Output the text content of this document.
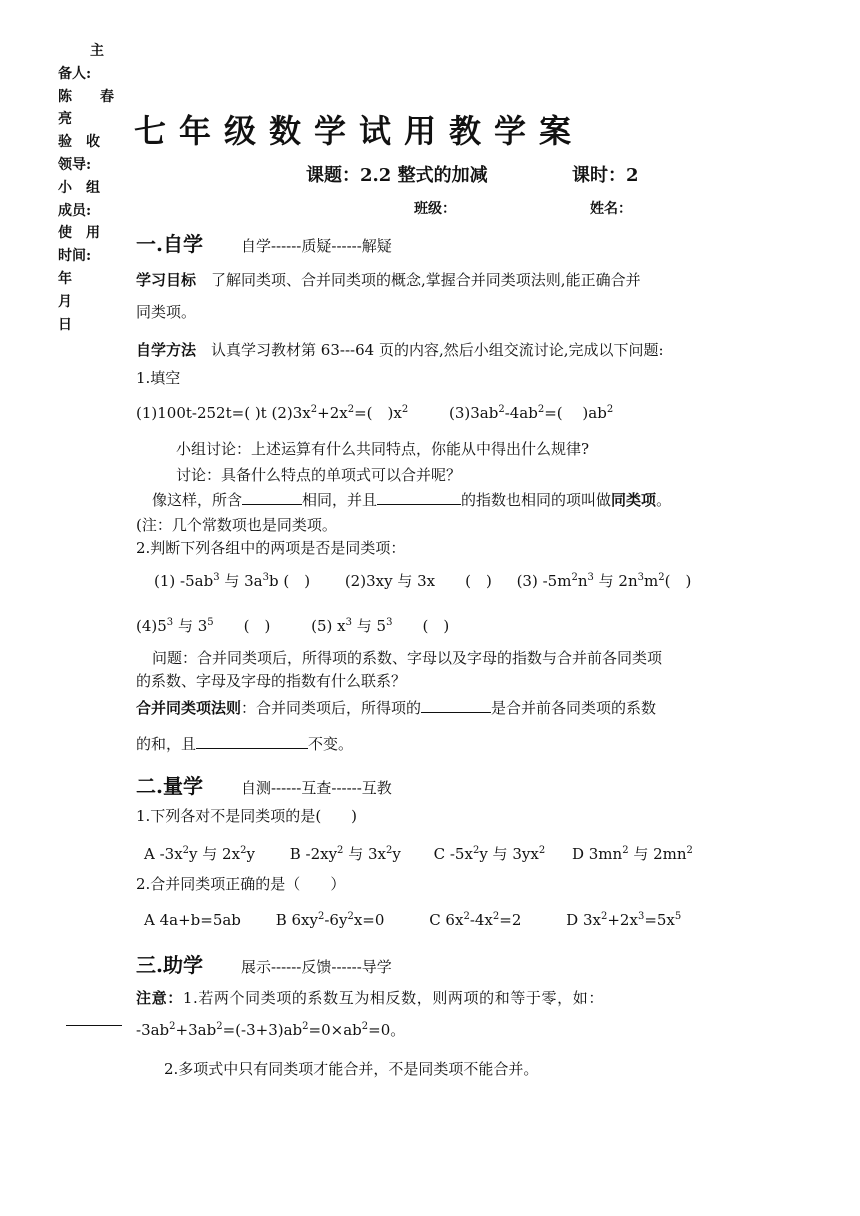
主
备人:
陈　　春
亮
验　收
领导:
小　组
成员:
使　用
时间:
年
月
日
七年级数学试用教学案
课题：2.2 整式的加减	课时：2
班级：	姓名：
一.自学	自学------质疑------解疑
学习目标　 了解同类项、合并同类项的概念,掌握合并同类项法则,能正确合并
同类项。
自学方法　 认真学习教材第 63---64 页的内容,然后小组交流讨论,完成以下问题:
1.填空
(1)100t-252t=( )t $(2)3x^2+2x^2=$(　)$x^2$	$(3)3ab^2-4ab^2=$(　 )$ab^2$
小组讨论：上述运算有什么共同特点，你能从中得出什么规律?
讨论：具备什么特点的单项式可以合并呢？
像这样，所含	相同，并且	的指数也相同的项叫做同类项。
(注：几个常数项也是同类项。
2.判断下列各组中的两项是否是同类项：
(1) $-5ab^3$ 与 $3a^3b$ (　) (2)3xy 与 3x　　(　) (3) $-5m^2n^3$ 与 $2n^3m^2$(　)
$(4)5^3$ 与 $3^5$　　(　)	(5) $x^3$ 与 $5^3$　　(　)
问题：合并同类项后，所得项的系数、字母以及字母的指数与合并前各同类项
的系数、字母及字母的指数有什么联系？
合并同类项法则：合并同类项后，所得项的	是合并前各同类项的系数
的和，且	不变。
二.量学	自测------互查------互教
1.下列各对不是同类项的是(　　)
A $-3x^2y$ 与 $2x^2y$ B $-2xy^2$ 与 $3x^2y$ C $-5x^2y$ 与 $3yx^2$ D $3mn^2$ 与 $2mn^2$
2.合并同类项正确的是（　　）
A 4a+b=5ab B $6xy^2-6y^2x=0$	C $6x^2-4x^2=2$	D $3x^2+2x^3=5x^5$
三.助学	展示------反馈------导学
注意：1.若两个同类项的系数互为相反数，则两项的和等于零，如：
$-3ab^2+3ab^2=(-3+3)ab^2=0\times ab^2=0$。
2.多项式中只有同类项才能合并，不是同类项不能合并。
